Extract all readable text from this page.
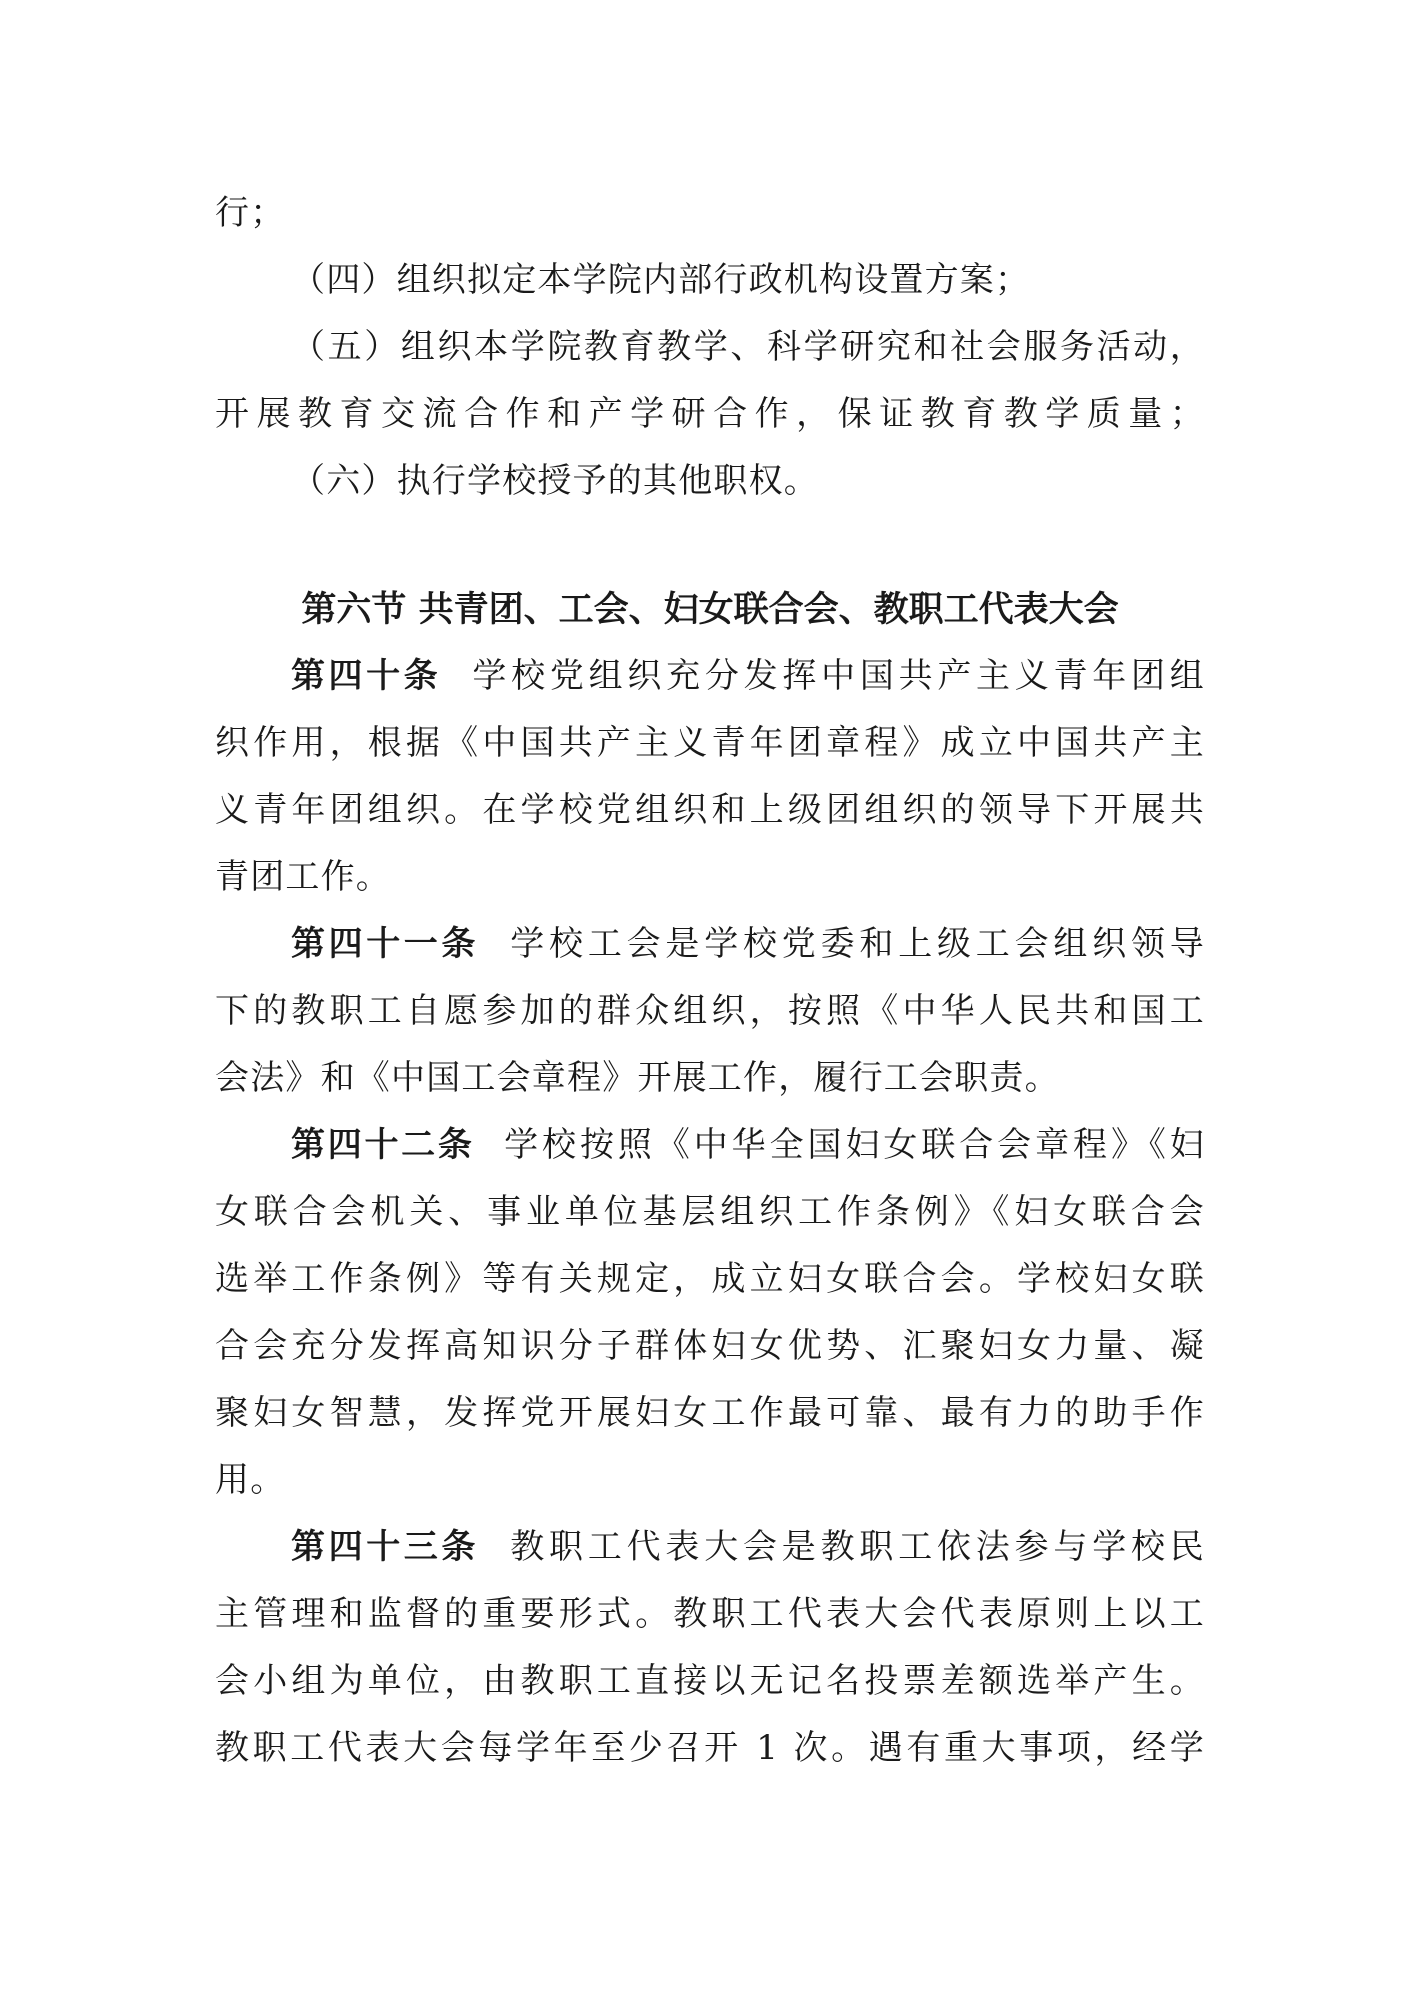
行；
（四）组织拟定本学院内部行政机构设置方案；
（五）组织本学院教育教学、科学研究和社会服务活动，
开展教育交流合作和产学研合作，保证教育教学质量；
（六）执行学校授予的其他职权。
第六节 共青团、工会、妇女联合会、教职工代表大会
第四十条 学校党组织充分发挥中国共产主义青年团组
织作用，根据《中国共产主义青年团章程》成立中国共产主
义青年团组织。在学校党组织和上级团组织的领导下开展共
青团工作。
第四十一条 学校工会是学校党委和上级工会组织领导
下的教职工自愿参加的群众组织，按照《中华人民共和国工
会法》和《中国工会章程》开展工作，履行工会职责。
第四十二条 学校按照《中华全国妇女联合会章程》《妇
女联合会机关、事业单位基层组织工作条例》《妇女联合会
选举工作条例》等有关规定，成立妇女联合会。学校妇女联
合会充分发挥高知识分子群体妇女优势、汇聚妇女力量、凝
聚妇女智慧，发挥党开展妇女工作最可靠、最有力的助手作
用。
第四十三条 教职工代表大会是教职工依法参与学校民
主管理和监督的重要形式。教职工代表大会代表原则上以工
会小组为单位，由教职工直接以无记名投票差额选举产生。
教职工代表大会每学年至少召开 1 次。遇有重大事项，经学
